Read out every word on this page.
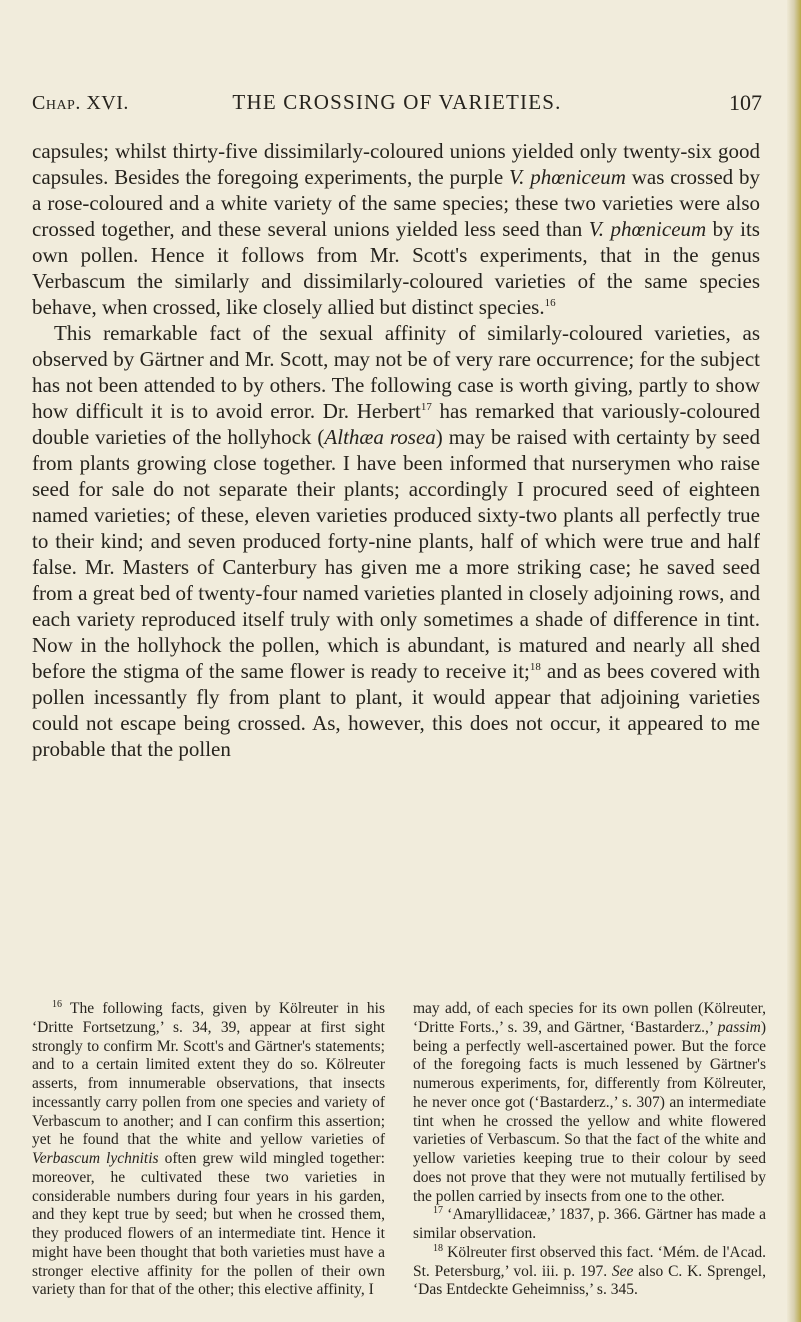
Chap. XVI.	THE CROSSING OF VARIETIES.	107

capsules; whilst thirty-five dissimilarly-coloured unions yielded only twenty-six good capsules. Besides the foregoing experiments, the purple V. phœniceum was crossed by a rose-coloured and a white variety of the same species; these two varieties were also crossed together, and these several unions yielded less seed than V. phœniceum by its own pollen. Hence it follows from Mr. Scott's experiments, that in the genus Verbascum the similarly and dissimilarly-coloured varieties of the same species behave, when crossed, like closely allied but distinct species.$^{16}$

This remarkable fact of the sexual affinity of similarly-coloured varieties, as observed by Gärtner and Mr. Scott, may not be of very rare occurrence; for the subject has not been attended to by others. The following case is worth giving, partly to show how difficult it is to avoid error. Dr. Herbert$^{17}$ has remarked that variously-coloured double varieties of the hollyhock (Althæa rosea) may be raised with certainty by seed from plants growing close together. I have been informed that nurserymen who raise seed for sale do not separate their plants; accordingly I procured seed of eighteen named varieties; of these, eleven varieties produced sixty-two plants all perfectly true to their kind; and seven produced forty-nine plants, half of which were true and half false. Mr. Masters of Canterbury has given me a more striking case; he saved seed from a great bed of twenty-four named varieties planted in closely adjoining rows, and each variety reproduced itself truly with only sometimes a shade of difference in tint. Now in the hollyhock the pollen, which is abundant, is matured and nearly all shed before the stigma of the same flower is ready to receive it;$^{18}$ and as bees covered with pollen incessantly fly from plant to plant, it would appear that adjoining varieties could not escape being crossed. As, however, this does not occur, it appeared to me probable that the pollen

$^{16}$ The following facts, given by Kölreuter in his ‘Dritte Fortsetzung,’ s. 34, 39, appear at first sight strongly to confirm Mr. Scott's and Gärtner's statements; and to a certain limited extent they do so. Kölreuter asserts, from innumerable observations, that insects incessantly carry pollen from one species and variety of Verbascum to another; and I can confirm this assertion; yet he found that the white and yellow varieties of Verbascum lychnitis often grew wild mingled together: moreover, he cultivated these two varieties in considerable numbers during four years in his garden, and they kept true by seed; but when he crossed them, they produced flowers of an intermediate tint. Hence it might have been thought that both varieties must have a stronger elective affinity for the pollen of their own variety than for that of the other; this elective affinity, I

may add, of each species for its own pollen (Kölreuter, ‘Dritte Forts.,’ s. 39, and Gärtner, ‘Bastarderz.,’ passim) being a perfectly well-ascertained power. But the force of the foregoing facts is much lessened by Gärtner's numerous experiments, for, differently from Kölreuter, he never once got (‘Bastarderz.,’ s. 307) an intermediate tint when he crossed the yellow and white flowered varieties of Verbascum. So that the fact of the white and yellow varieties keeping true to their colour by seed does not prove that they were not mutually fertilised by the pollen carried by insects from one to the other.

$^{17}$ ‘Amaryllidaceæ,’ 1837, p. 366. Gärtner has made a similar observation.

$^{18}$ Kölreuter first observed this fact. ‘Mém. de l'Acad. St. Petersburg,’ vol. iii. p. 197. See also C. K. Sprengel, ‘Das Entdeckte Geheimniss,’ s. 345.
